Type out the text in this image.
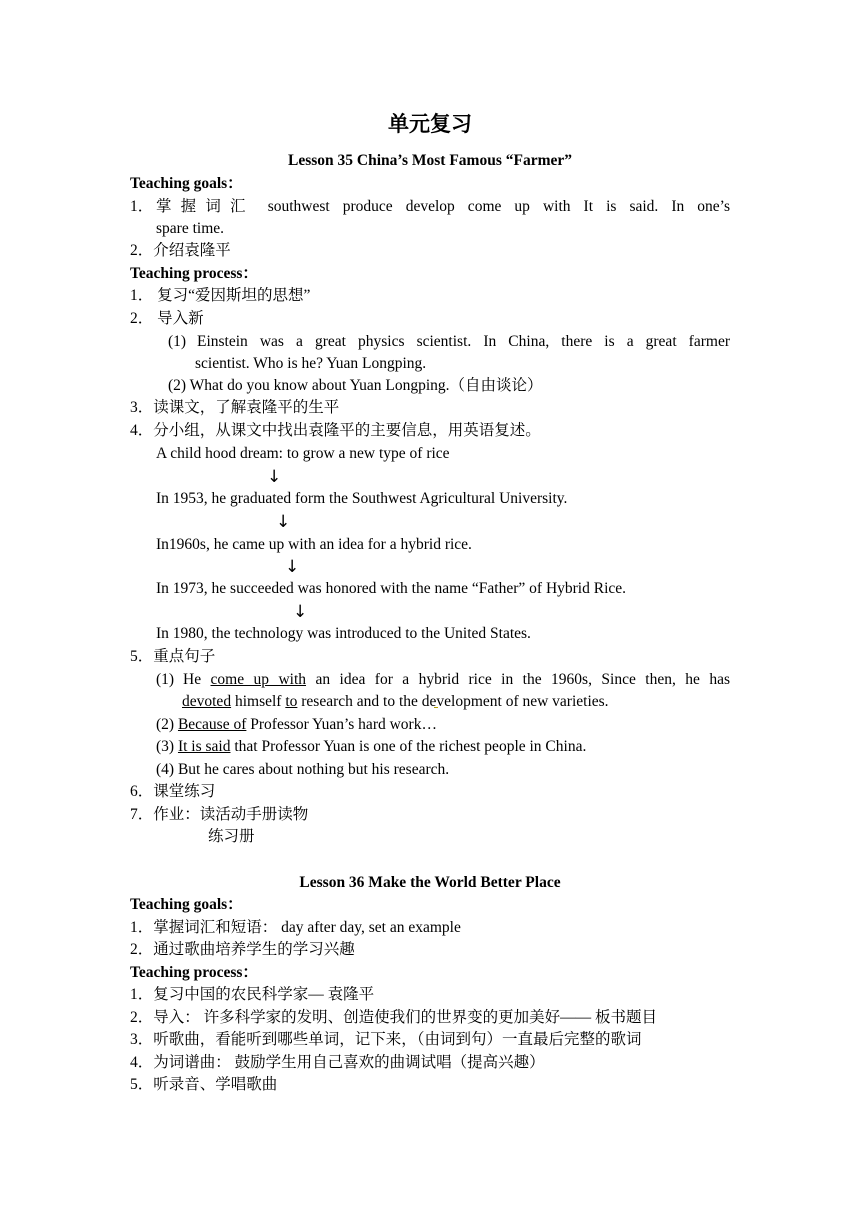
单元复习
Lesson 35 China’s Most Famous “Farmer”
Teaching goals：
1． 掌握词汇 southwest produce develop come up with It is said. In one’s
spare time.
2．介绍袁隆平
Teaching process：
1． 复习“爱因斯坦的思想”
2． 导入新
(1) Einstein was a great physics scientist. In China, there is a great farmer
scientist. Who is he? Yuan Longping.
(2) What do you know about Yuan Longping.（自由谈论）
3．读课文，了解袁隆平的生平
4．分小组，从课文中找出袁隆平的主要信息，用英语复述。
A child hood dream: to grow a new type of rice
↓
In 1953, he graduated form the Southwest Agricultural University.
↓
In1960s, he came up with an idea for a hybrid rice.
↓
In 1973, he succeeded was honored with the name “Father” of Hybrid Rice.
↓
In 1980, the technology was introduced to the United States.
5．重点句子
(1) He come up with an idea for a hybrid rice in the 1960s, Since then, he has
devoted himself to research and to the development of new varieties.
(2) Because of Professor Yuan’s hard work…
(3) It is said that Professor Yuan is one of the richest people in China.
(4) But he cares about nothing but his research.
6．课堂练习
7．作业：读活动手册读物
练习册
Lesson 36 Make the World Better Place
Teaching goals：
1．掌握词汇和短语： day after day, set an example
2．通过歌曲培养学生的学习兴趣
Teaching process：
1．复习中国的农民科学家— 袁隆平
2．导入： 许多科学家的发明、创造使我们的世界变的更加美好—— 板书题目
3．听歌曲，看能听到哪些单词，记下来，（由词到句）一直最后完整的歌词
4．为词谱曲： 鼓励学生用自己喜欢的曲调试唱（提高兴趣）
5．听录音、学唱歌曲
